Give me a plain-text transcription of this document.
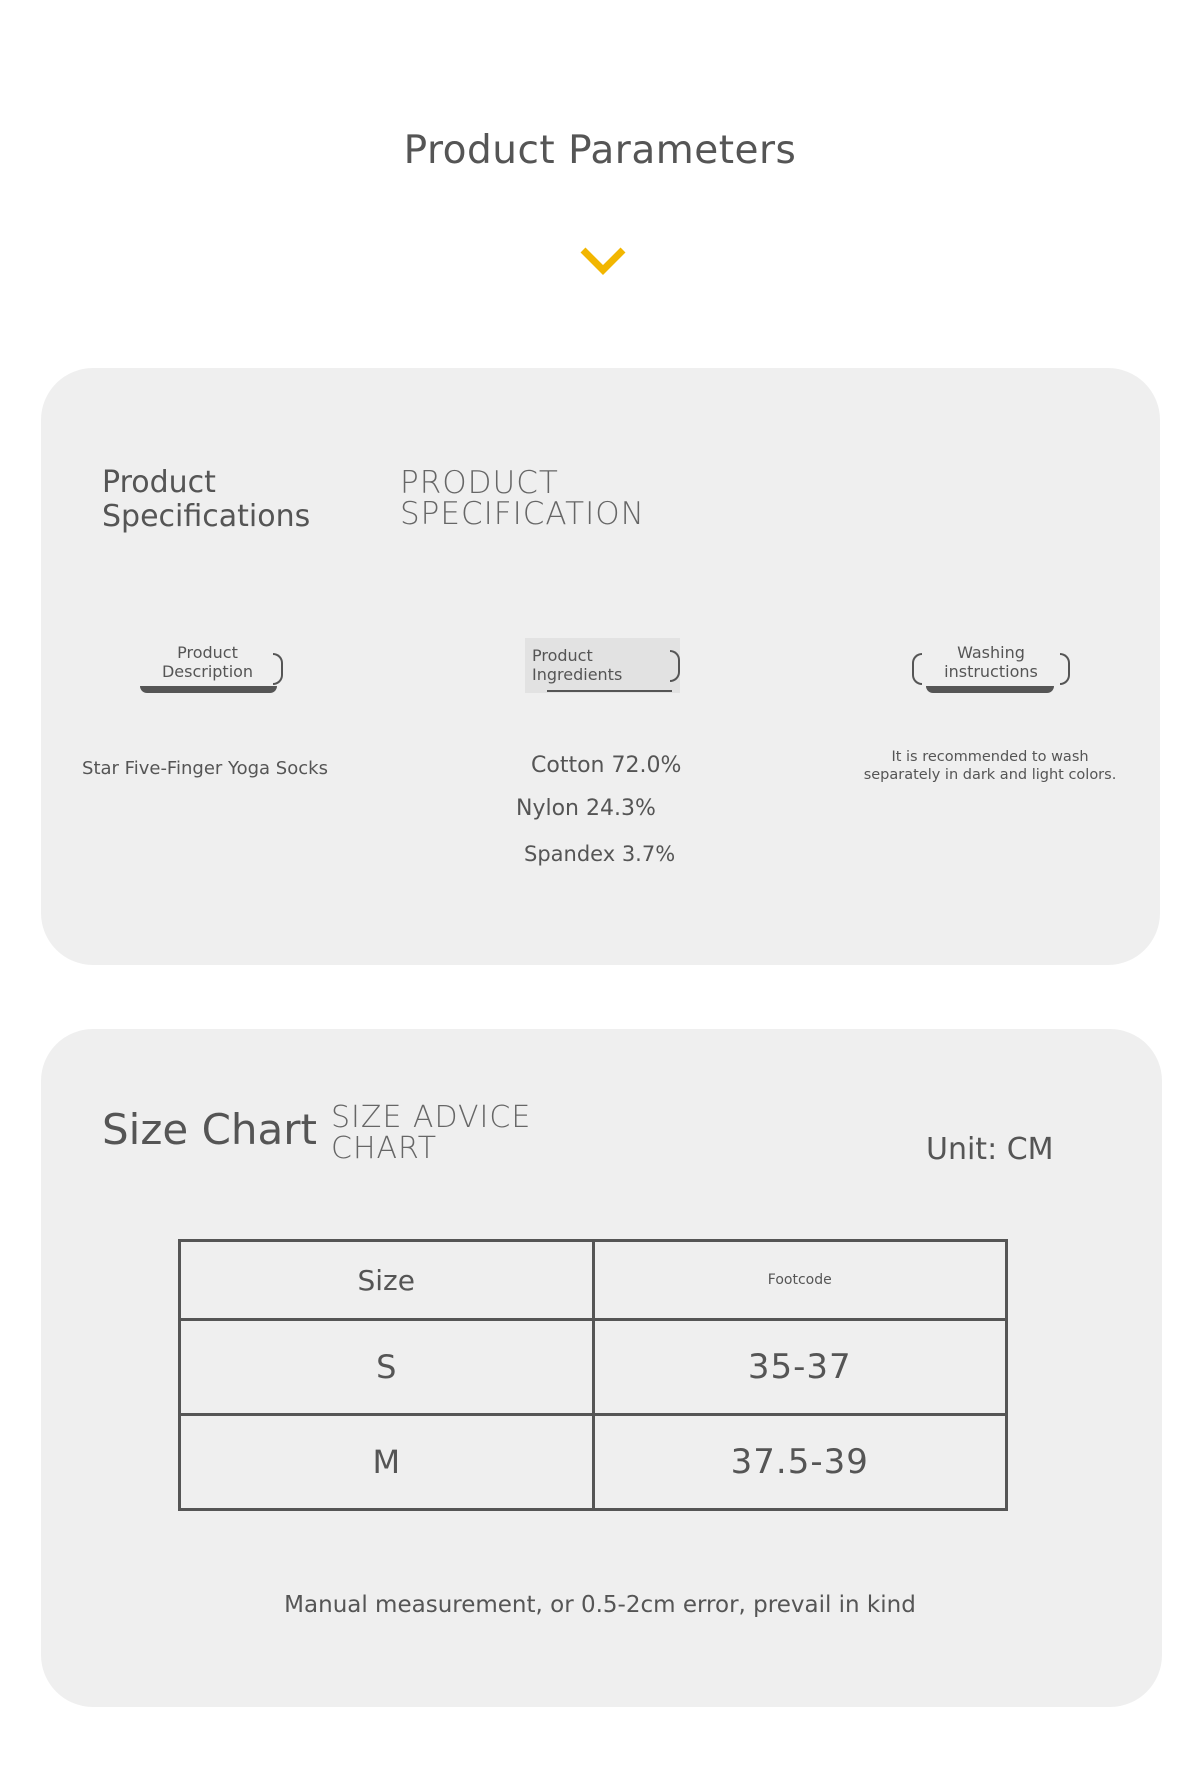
Product Parameters
Product
Specifications
PRODUCT
SPECIFICATION
Product
Description
Product
Ingredients
Washing
instructions
Star Five-Finger Yoga Socks	Cotton 72.0%
Nylon 24.3%
Spandex 3.7%
It is recommended to wash
separately in dark and light colors.
Size Chart SIZE ADVICE
CHART	Unit: CM
Size	Footcode
S	35-37
M	37.5-39
Manual measurement, or 0.5-2cm error, prevail in kind
